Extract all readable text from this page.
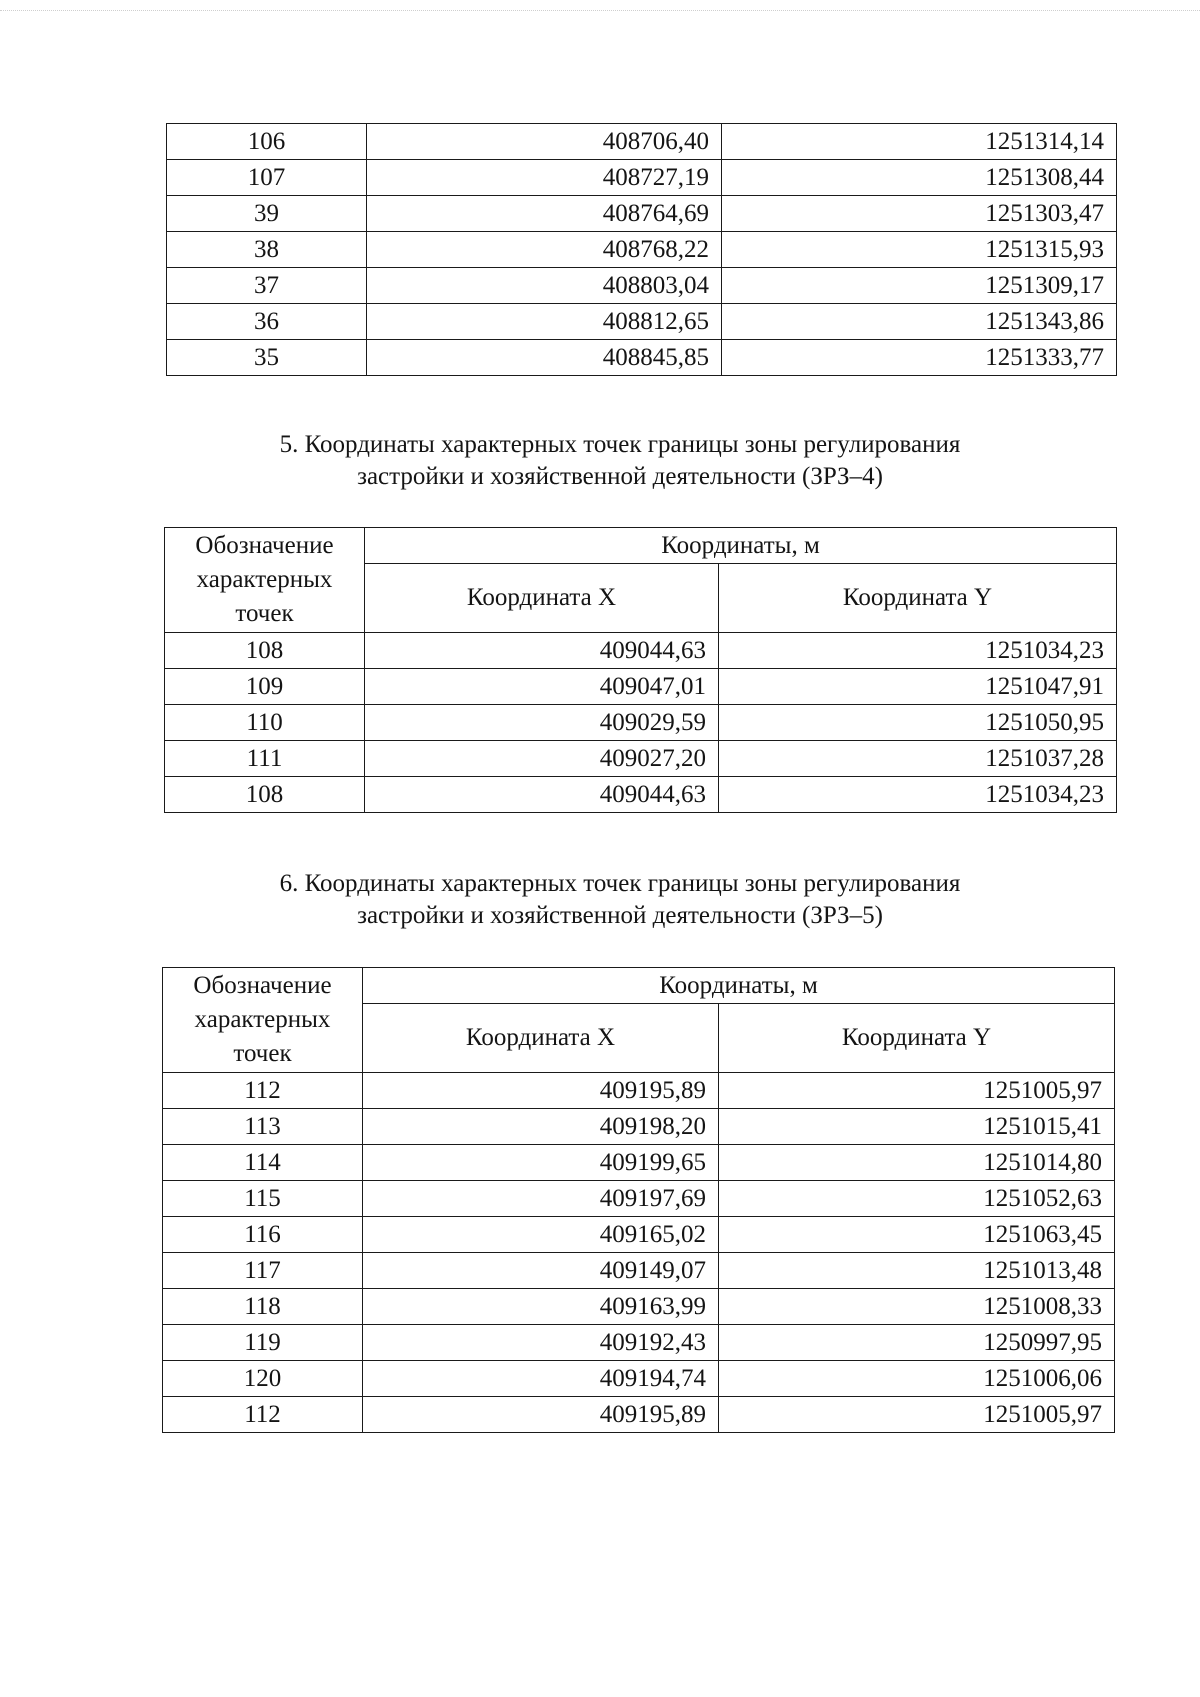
106	408706,40	1251314,14
107	408727,19	1251308,44
39	408764,69	1251303,47
38	408768,22	1251315,93
37	408803,04	1251309,17
36	408812,65	1251343,86
35	408845,85	1251333,77
5. Координаты характерных точек границы зоны регулирования
застройки и хозяйственной деятельности (ЗРЗ–4)
Обозначение характерных точек	Координаты, м	
	Координата X	Координата Y
108	409044,63	1251034,23
109	409047,01	1251047,91
110	409029,59	1251050,95
111	409027,20	1251037,28
108	409044,63	1251034,23
6. Координаты характерных точек границы зоны регулирования
застройки и хозяйственной деятельности (ЗРЗ–5)
Обозначение характерных точек	Координаты, м	
	Координата X	Координата Y
112	409195,89	1251005,97
113	409198,20	1251015,41
114	409199,65	1251014,80
115	409197,69	1251052,63
116	409165,02	1251063,45
117	409149,07	1251013,48
118	409163,99	1251008,33
119	409192,43	1250997,95
120	409194,74	1251006,06
112	409195,89	1251005,97
